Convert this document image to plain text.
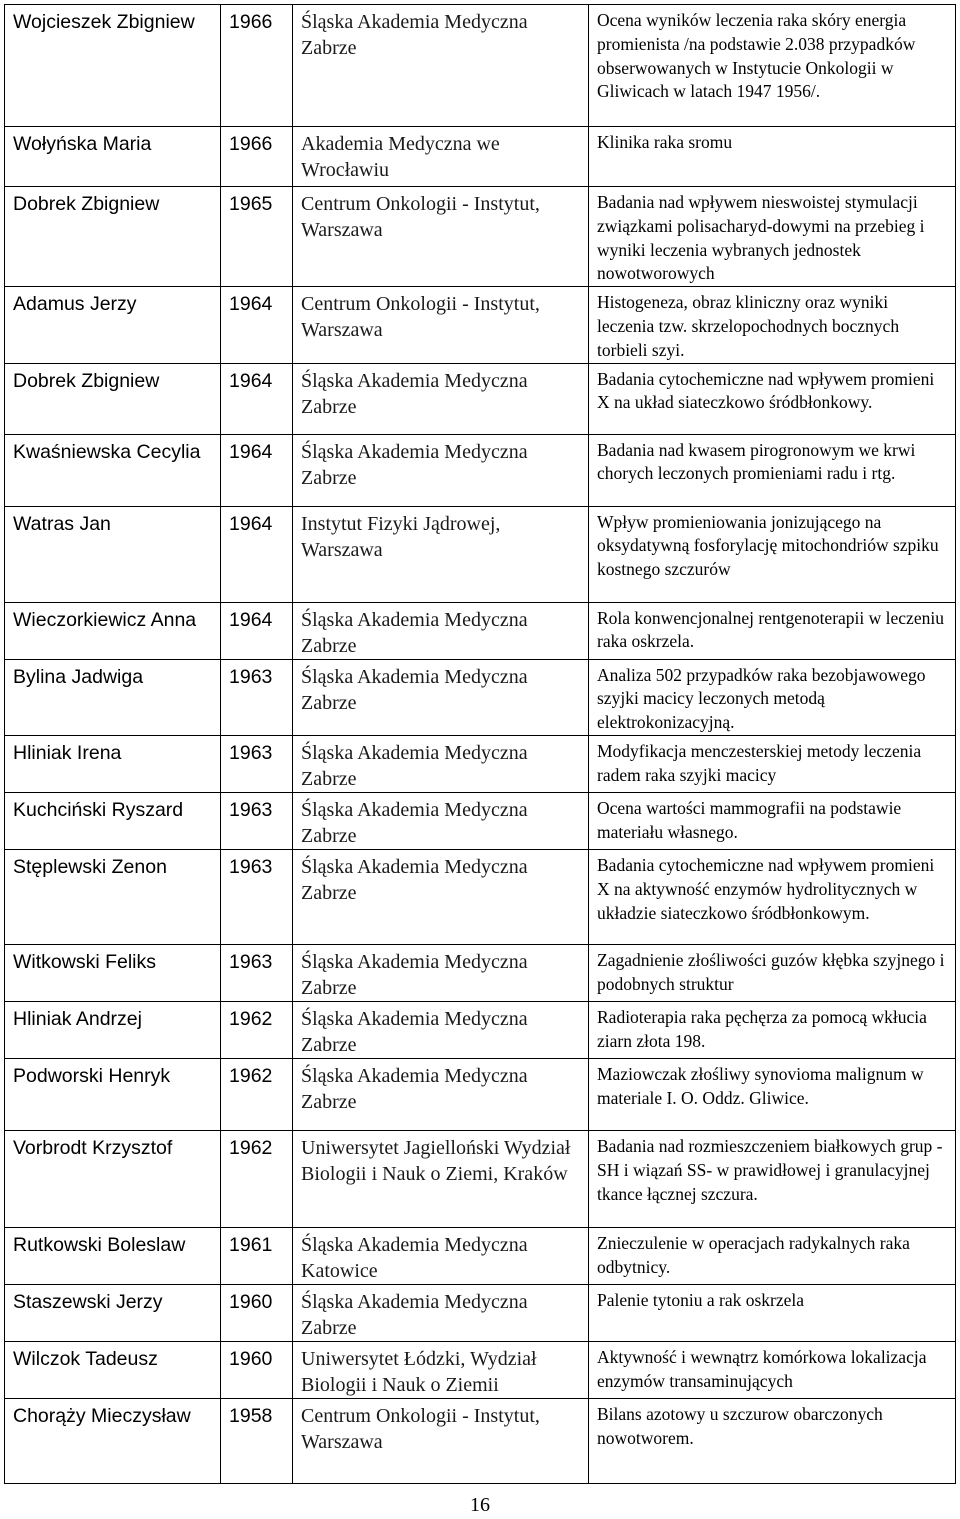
Wojcieszek Zbigniew	1966	Śląska Akademia Medyczna Zabrze	Ocena wyników leczenia raka skóry energia promienista /na podstawie 2.038 przypadków obserwowanych w Instytucie Onkologii w Gliwicach w latach 1947 1956/.
Wołyńska Maria	1966	Akademia Medyczna we Wrocławiu	Klinika raka sromu
Dobrek Zbigniew	1965	Centrum Onkologii - Instytut, Warszawa	Badania nad wpływem nieswoistej stymulacji związkami polisacharyd-dowymi na przebieg i wyniki leczenia wybranych jednostek nowotworowych
Adamus Jerzy	1964	Centrum Onkologii - Instytut, Warszawa	Histogeneza, obraz kliniczny oraz wyniki leczenia tzw. skrzelopochodnych bocznych torbieli szyi.
Dobrek Zbigniew	1964	Śląska Akademia Medyczna Zabrze	Badania cytochemiczne nad wpływem promieni X na układ siateczkowo śródbłonkowy.
Kwaśniewska Cecylia	1964	Śląska Akademia Medyczna Zabrze	Badania nad kwasem pirogronowym we krwi chorych leczonych promieniami radu i rtg.
Watras Jan	1964	Instytut Fizyki Jądrowej, Warszawa	Wpływ promieniowania jonizującego na oksydatywną fosforylację mitochondriów szpiku kostnego szczurów
Wieczorkiewicz Anna	1964	Śląska Akademia Medyczna Zabrze	Rola konwencjonalnej rentgenoterapii w leczeniu raka oskrzela.
Bylina Jadwiga	1963	Śląska Akademia Medyczna Zabrze	Analiza 502 przypadków raka bezobjawowego szyjki macicy leczonych metodą elektrokonizacyjną.
Hliniak Irena	1963	Śląska Akademia Medyczna Zabrze	Modyfikacja menczesterskiej metody leczenia radem raka szyjki macicy
Kuchciński Ryszard	1963	Śląska Akademia Medyczna Zabrze	Ocena wartości mammografii na podstawie materiału własnego.
Stęplewski Zenon	1963	Śląska Akademia Medyczna Zabrze	Badania cytochemiczne nad wpływem promieni X na aktywność enzymów hydrolitycznych w układzie siateczkowo śródbłonkowym.
Witkowski Feliks	1963	Śląska Akademia Medyczna Zabrze	Zagadnienie złośliwości guzów kłębka szyjnego i podobnych struktur
Hliniak Andrzej	1962	Śląska Akademia Medyczna Zabrze	Radioterapia raka pęchęrza za pomocą wkłucia ziarn złota 198.
Podworski Henryk	1962	Śląska Akademia Medyczna Zabrze	Maziowczak złośliwy synovioma malignum w materiale I. O. Oddz. Gliwice.
Vorbrodt Krzysztof	1962	Uniwersytet Jagielloński Wydział Biologii i Nauk o Ziemi, Kraków	Badania nad rozmieszczeniem białkowych grup -SH i wiązań SS- w prawidłowej i granulacyjnej tkance łącznej szczura.
Rutkowski Boleslaw	1961	Śląska Akademia Medyczna Katowice	Znieczulenie w operacjach radykalnych raka odbytnicy.
Staszewski Jerzy	1960	Śląska Akademia Medyczna Zabrze	Palenie tytoniu a rak oskrzela
Wilczok Tadeusz	1960	Uniwersytet Łódzki, Wydział Biologii i Nauk o Ziemii	Aktywność i wewnątrz komórkowa lokalizacja enzymów transaminujących
Chorąży Mieczysław	1958	Centrum Onkologii - Instytut, Warszawa	Bilans azotowy u szczurow obarczonych nowotworem.
16
